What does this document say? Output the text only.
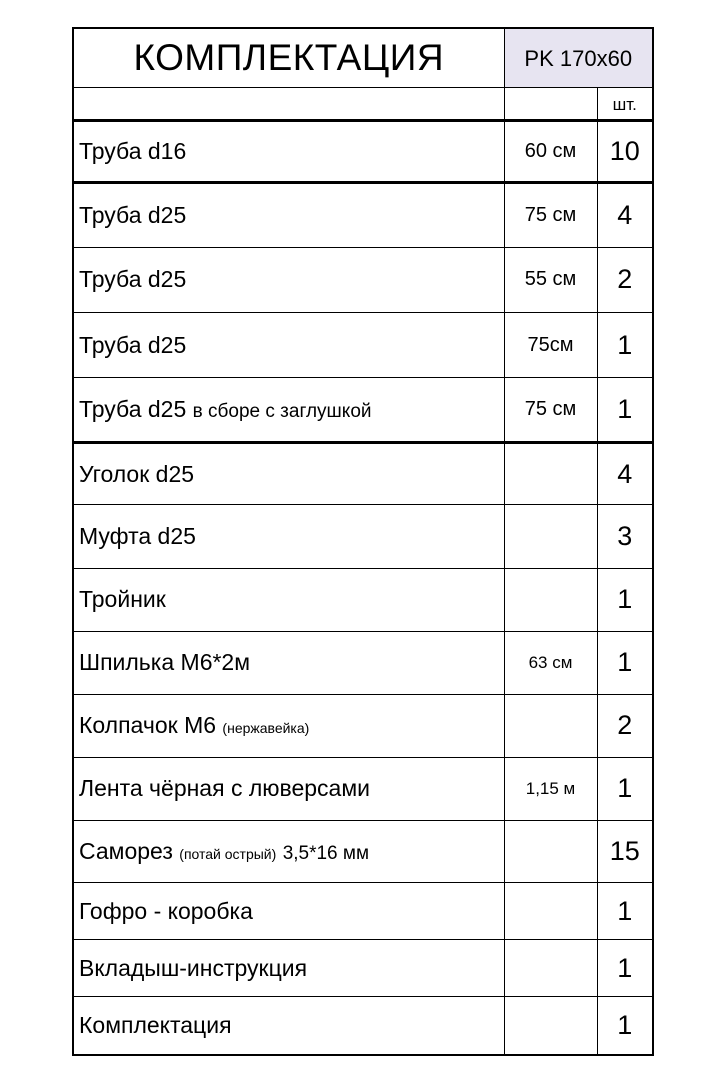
КОМПЛЕКТАЦИЯ	PK 170x60	
		шт.
Труба d16	60 см	10
Труба d25	75 см	4
Труба d25	55 см	2
Труба d25	75см	1
Труба d25 в сборе с заглушкой	75 см	1
Уголок d25		4
Муфта d25		3
Тройник		1
Шпилька М6*2м	63 см	1
Колпачок М6 (нержавейка)		2
Лента чёрная с люверсами	1,15 м	1
Саморез (потай острый) 3,5*16 мм		15
Гофро - коробка		1
Вкладыш-инструкция		1
Комплектация		1
